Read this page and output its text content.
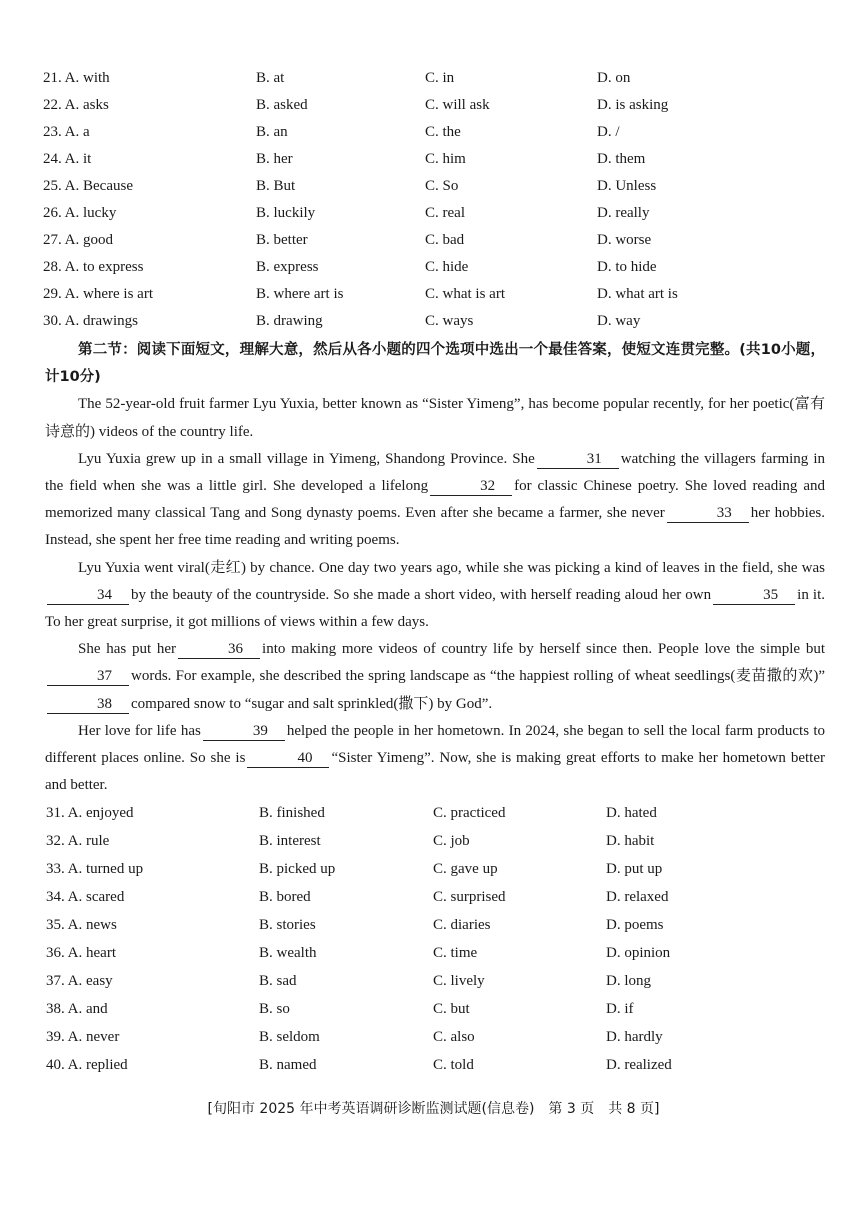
21. A. with	B. at	C. in	D. on
22. A. asks	B. asked	C. will ask	D. is asking
23. A. a	B. an	C. the	D. /
24. A. it	B. her	C. him	D. them
25. A. Because	B. But	C. So	D. Unless
26. A. lucky	B. luckily	C. real	D. really
27. A. good	B. better	C. bad	D. worse
28. A. to express	B. express	C. hide	D. to hide
29. A. where is art	B. where art is	C. what is art	D. what art is
30. A. drawings	B. drawing	C. ways	D. way

第二节：阅读下面短文，理解大意，然后从各小题的四个选项中选出一个最佳答案，使短文连贯完整。(共10小题，计10分)

The 52-year-old fruit farmer Lyu Yuxia, better known as “Sister Yimeng”, has become popular recently, for her poetic(富有诗意的) videos of the country life.

Lyu Yuxia grew up in a small village in Yimeng, Shandong Province. She	31 watching the villagers farming in the field when she was a little girl. She developed a lifelong	32 for classic Chinese poetry. She loved reading and memorized many classical Tang and Song dynasty poems. Even after she became a farmer, she never	33 her hobbies. Instead, she spent her free time reading and writing poems.

Lyu Yuxia went viral(走红) by chance. One day two years ago, while she was picking a kind of leaves in the field, she was34 by the beauty of the countryside. So she made a short video, with herself reading aloud her own	35 in it. To her great surprise, it got millions of views within a few days.

She has put her	36 into making more videos of country life by herself since then. People love the simple but37 words. For example, she described the spring landscape as “the happiest rolling of wheat seedlings(麦苗撒的欢)”38 compared snow to “sugar and salt sprinkled(撒下) by God”.

Her love for life has	39 helped the people in her hometown. In 2024, she began to sell the local farm products to different places online. So she is	40 “Sister Yimeng”. Now, she is making great efforts to make her hometown better and better.

31. A. enjoyed	B. finished	C. practiced	D. hated
32. A. rule	B. interest	C. job	D. habit
33. A. turned up	B. picked up	C. gave up	D. put up
34. A. scared	B. bored	C. surprised	D. relaxed
35. A. news	B. stories	C. diaries	D. poems
36. A. heart	B. wealth	C. time	D. opinion
37. A. easy	B. sad	C. lively	D. long
38. A. and	B. so	C. but	D. if
39. A. never	B. seldom	C. also	D. hardly
40. A. replied	B. named	C. told	D. realized
[旬阳市 2025 年中考英语调研诊断监测试题(信息卷)　第 3 页　共 8 页]
